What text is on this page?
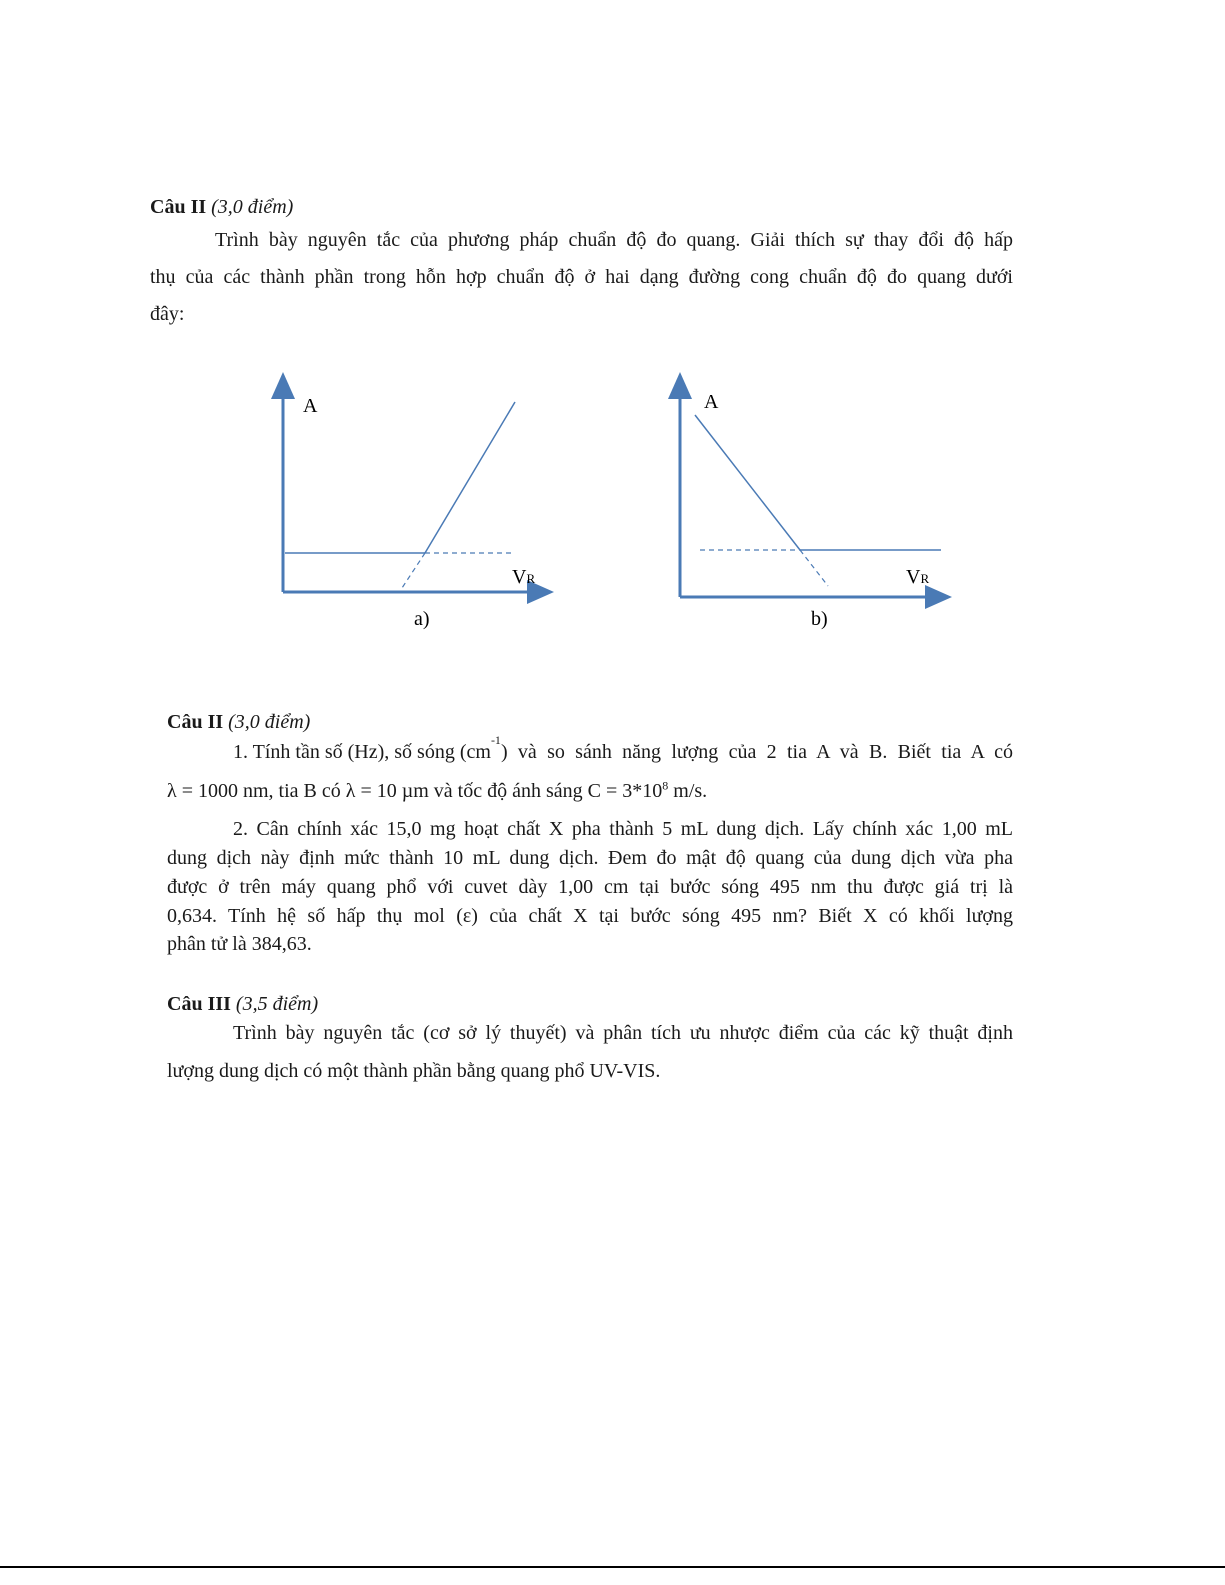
Câu II (3,0 điểm)
Trình bày nguyên tắc của phương pháp chuẩn độ đo quang. Giải thích sự thay đổi độ hấp
thụ của các thành phần trong hỗn hợp chuẩn độ ở hai dạng đường cong chuẩn độ đo quang dưới
đây:
A
VR
a)
A
VR
b)
Câu II (3,0 điểm)
1. Tính tần số (Hz), số sóng (cm
-1
) và so sánh năng lượng của 2 tia A và B. Biết tia A có
λ = 1000 nm, tia B có λ = 10 µm và tốc độ ánh sáng $C = 3*10^8$ m/s.
2. Cân chính xác 15,0 mg hoạt chất X pha thành 5 mL dung dịch. Lấy chính xác 1,00 mL
dung dịch này định mức thành 10 mL dung dịch. Đem đo mật độ quang của dung dịch vừa pha
được ở trên máy quang phổ với cuvet dày 1,00 cm tại bước sóng 495 nm thu được giá trị là
0,634. Tính hệ số hấp thụ mol (ε) của chất X tại bước sóng 495 nm? Biết X có khối lượng
phân tử là 384,63.
Câu III (3,5 điểm)
Trình bày nguyên tắc (cơ sở lý thuyết) và phân tích ưu nhược điểm của các kỹ thuật định
lượng dung dịch có một thành phần bằng quang phổ UV-VIS.
